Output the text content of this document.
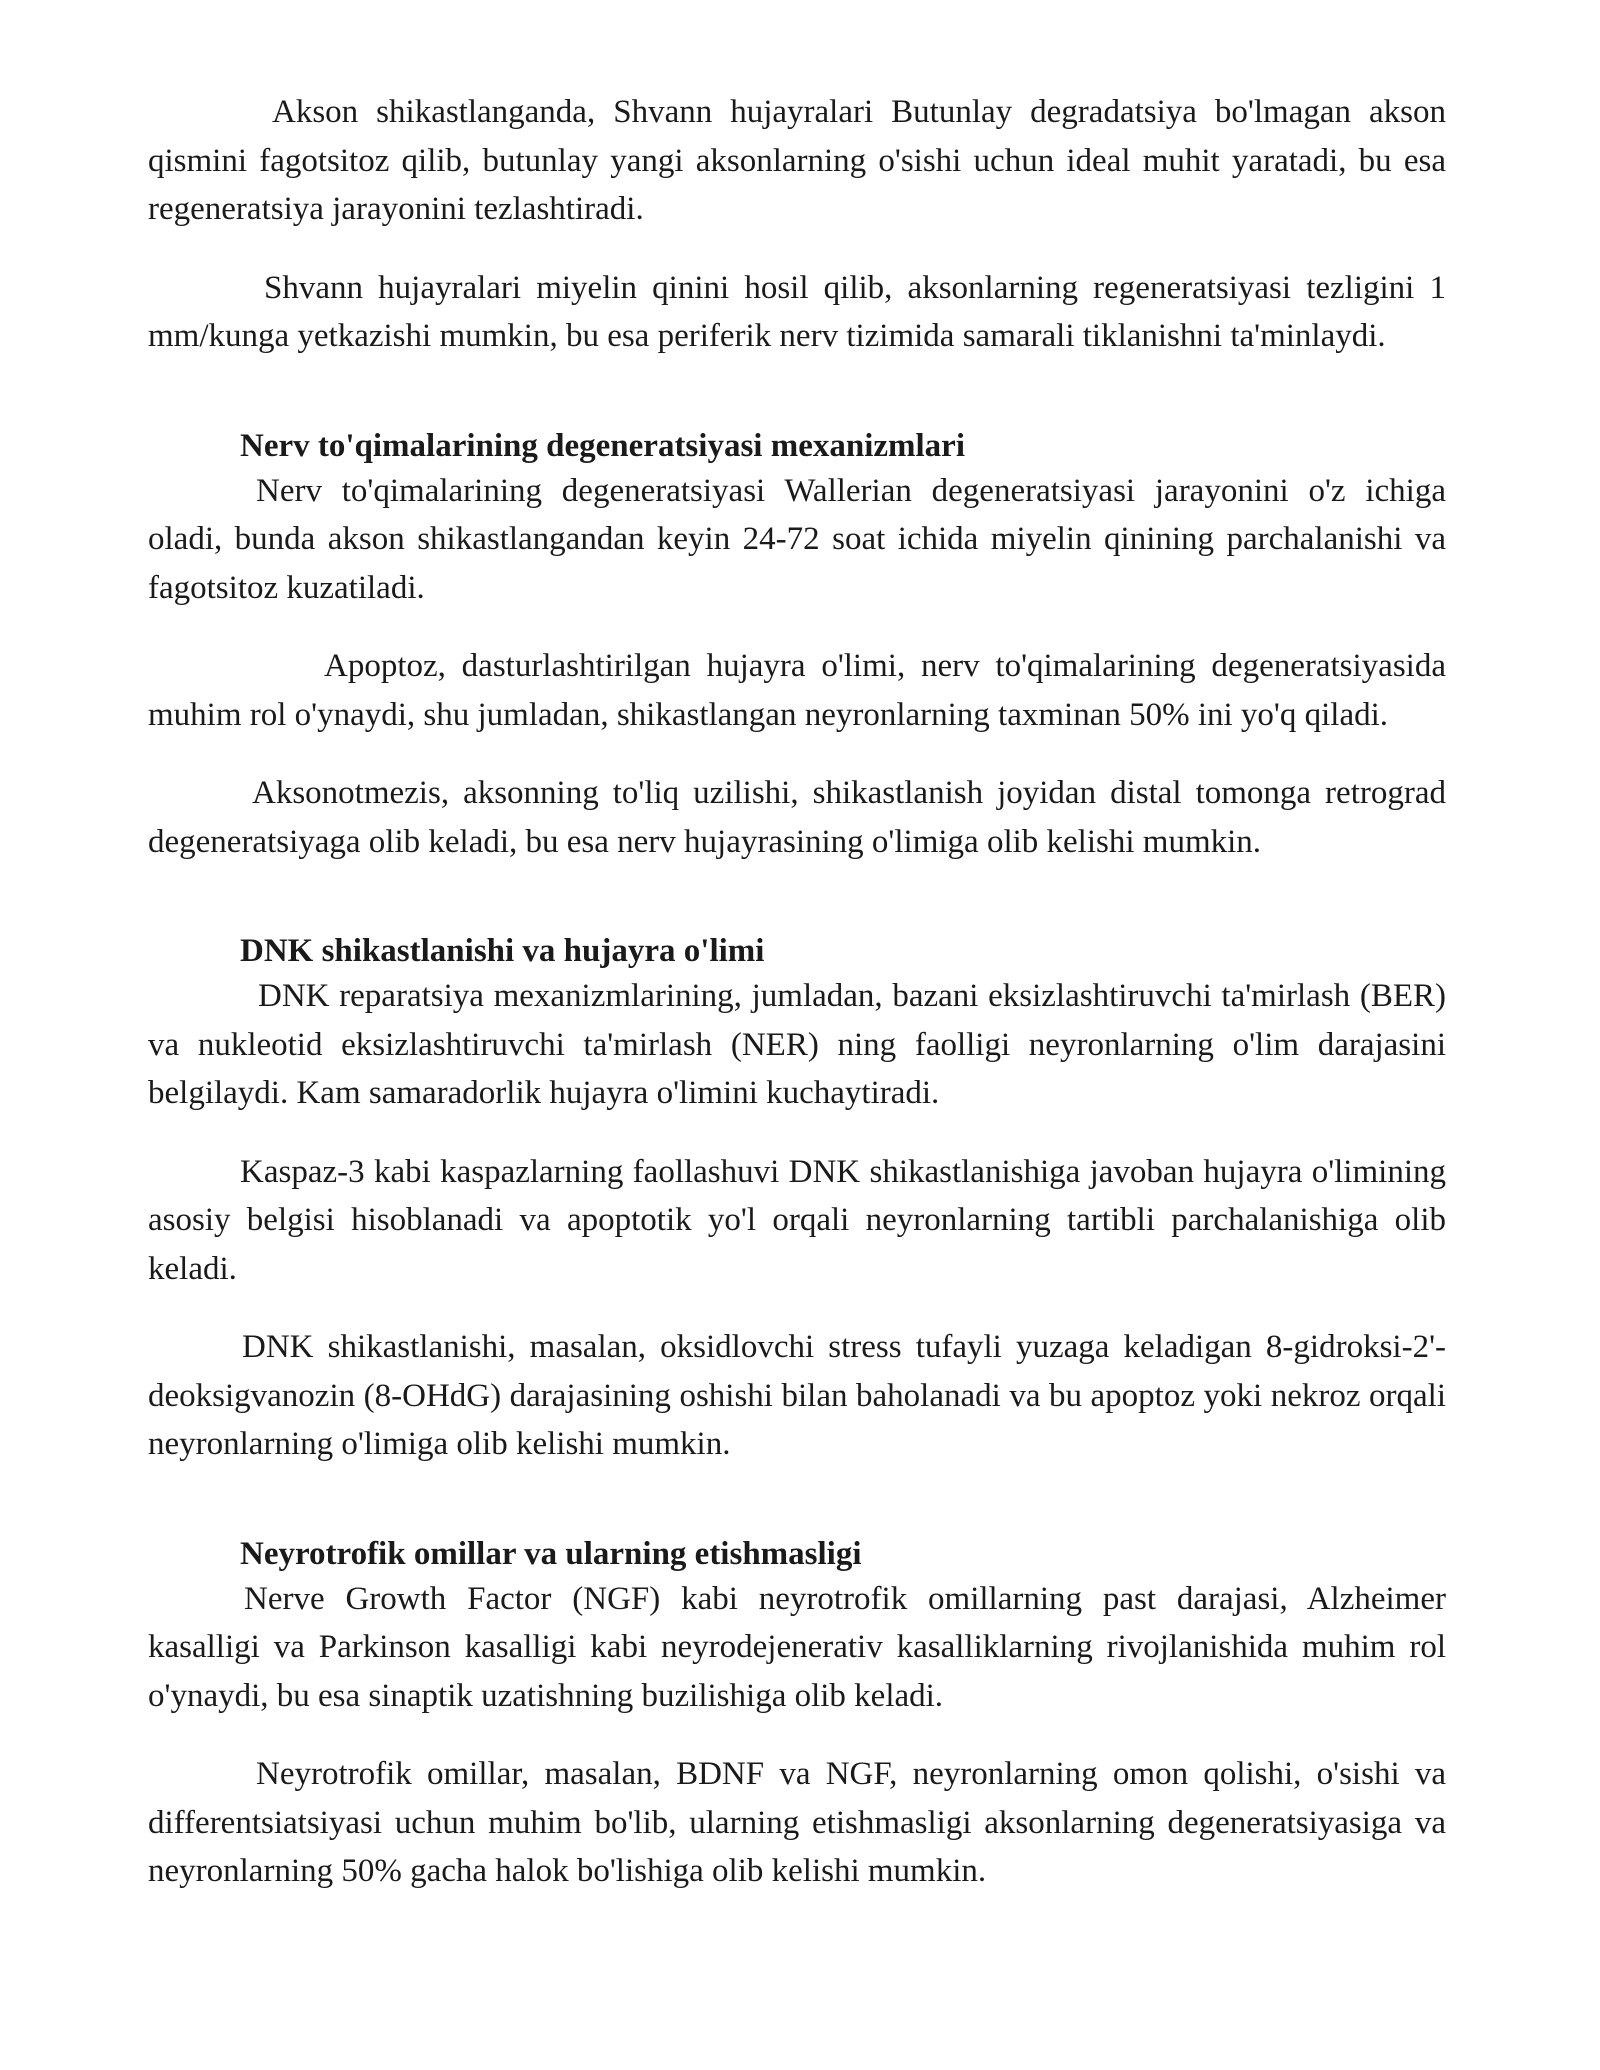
Akson shikastlanganda, Shvann hujayralari Butunlay degradatsiya bo'lmagan akson qismini fagotsitoz qilib, butunlay yangi aksonlarning o'sishi uchun ideal muhit yaratadi, bu esa regeneratsiya jarayonini tezlashtiradi.

Shvann hujayralari miyelin qinini hosil qilib, aksonlarning regeneratsiyasi tezligini 1 mm/kunga yetkazishi mumkin, bu esa periferik nerv tizimida samarali tiklanishni ta'minlaydi.

Nerv to'qimalarining degeneratsiyasi mexanizmlari

Nerv to'qimalarining degeneratsiyasi Wallerian degeneratsiyasi jarayonini o'z ichiga oladi, bunda akson shikastlangandan keyin 24-72 soat ichida miyelin qinining parchalanishi va fagotsitoz kuzatiladi.

Apoptoz, dasturlashtirilgan hujayra o'limi, nerv to'qimalarining degeneratsiyasida muhim rol o'ynaydi, shu jumladan, shikastlangan neyronlarning taxminan 50% ini yo'q qiladi.

Aksonotmezis, aksonning to'liq uzilishi, shikastlanish joyidan distal tomonga retrograd degeneratsiyaga olib keladi, bu esa nerv hujayrasining o'limiga olib kelishi mumkin.

DNK shikastlanishi va hujayra o'limi

DNK reparatsiya mexanizmlarining, jumladan, bazani eksizlashtiruvchi ta'mirlash (BER) va nukleotid eksizlashtiruvchi ta'mirlash (NER) ning faolligi neyronlarning o'lim darajasini belgilaydi. Kam samaradorlik hujayra o'limini kuchaytiradi.

Kaspaz-3 kabi kaspazlarning faollashuvi DNK shikastlanishiga javoban hujayra o'limining asosiy belgisi hisoblanadi va apoptotik yo'l orqali neyronlarning tartibli parchalanishiga olib keladi.

DNK shikastlanishi, masalan, oksidlovchi stress tufayli yuzaga keladigan 8-gidroksi-2'-deoksigvanozin (8-OHdG) darajasining oshishi bilan baholanadi va bu apoptoz yoki nekroz orqali neyronlarning o'limiga olib kelishi mumkin.

Neyrotrofik omillar va ularning etishmasligi

Nerve Growth Factor (NGF) kabi neyrotrofik omillarning past darajasi, Alzheimer kasalligi va Parkinson kasalligi kabi neyrodejenerativ kasalliklarning rivojlanishida muhim rol o'ynaydi, bu esa sinaptik uzatishning buzilishiga olib keladi.

Neyrotrofik omillar, masalan, BDNF va NGF, neyronlarning omon qolishi, o'sishi va differentsiatsiyasi uchun muhim bo'lib, ularning etishmasligi aksonlarning degeneratsiyasiga va neyronlarning 50% gacha halok bo'lishiga olib kelishi mumkin.
